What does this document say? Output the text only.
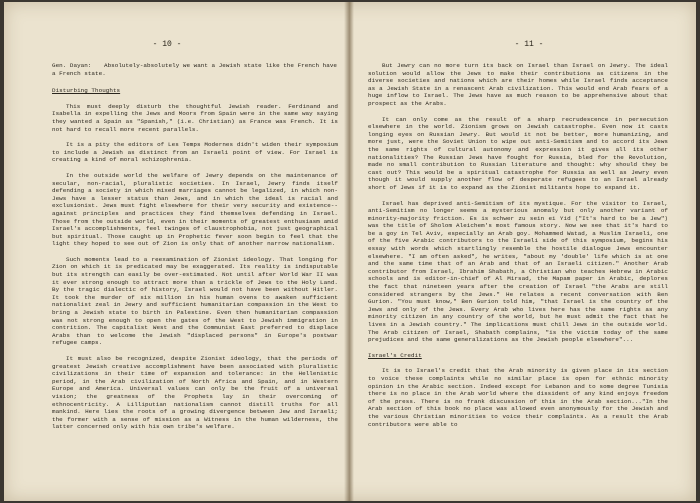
- 10 -

Gen. Dayan: Absolutely-absolutely we want a Jewish state like the French have a French state.

Disturbing Thoughts

This must deeply disturb the thoughtful Jewish reader. Ferdinand and Isabella in expelling the Jews and Moors from Spain were in the same way saying they wanted a Spain as "Spanish," (i.e. Christian) as France was French. It is not hard to recall more recent parallels.

It is a pity the editors of Les Temps Modernes didn't widen their symposium to include a Jewish as distinct from an Israeli point of view. For Israel is creating a kind of moral schizophrenia.

In the outside world the welfare of Jewry depends on the maintenance of secular, non-racial, pluralistic societies. In Israel, Jewry finds itself defending a society in which mixed marriages cannot be legalized, in which non-Jews have a lesser status than Jews, and in which the ideal is racial and exclusionist. Jews must fight elsewhere for their very security and existence-- against principles and practices they find themselves defending in Israel. Those from the outside world, even in their moments of greatest enthusiasm amid Israel's accomplishments, feel twinges of claustrophobia, not just geographical but spiritual. Those caught up in Prophetic fever soon begin to feel that the light they hoped to see out of Zion is only that of another narrow nationalism.

Such moments lead to a reexamination of Zionist ideology. That longing for Zion on which it is predicated may be exaggerated. Its reality is indisputable but its strength can easily be over-estimated. Not until after World War II was it ever strong enough to attract more than a trickle of Jews to the Holy Land. By the tragic dialectic of history, Israel would not have been without Hitler. It took the murder of six million in his human ovens to awaken sufficient nationalist zeal in Jewry and sufficient humanitarian compassion in the West to bring a Jewish state to birth in Palestine. Even then humanitarian compassion was not strong enough to open the gates of the West to Jewish immigration in contrition. The capitalist West and the Communist East preferred to displace Arabs than to welcome the Jewish "displaced persons" in Europe's postwar refugee camps.

It must also be recognized, despite Zionist ideology, that the periods of greatest Jewish creative accomplishment have been associated with pluralistic civilizations in their time of expansion and tolerance: in the Hellenistic period, in the Arab civilization of North Africa and Spain, and in Western Europe and America. Universal values can only be the fruit of a universal vision; the greatness of the Prophets lay in their overcoming of ethnocentricity. A Lilliputian nationalism cannot distill truths for all mankind. Here lies the roots of a growing divergence between Jew and Israeli; the former with a sense of mission as a Witness in the human wilderness, the latter concerned only with his own tribe's welfare.

- 11 -

But Jewry can no more turn its back on Israel than Israel on Jewry. The ideal solution would allow the Jews to make their contributions as citizens in the diverse societies and nations which are their homes while Israel finds acceptance as a Jewish State in a renascent Arab civilization. This would end Arab fears of a huge inflow to Israel. The Jews have as much reason to be apprehensive about that prospect as the Arabs.

It can only come as the result of a sharp recrudescence in persecution elsewhere in the world. Zionism grows on Jewish catastrophe. Even now it casts longing eyes on Russian Jewry. But would it not be better, more humanizing, and more just, were the Soviet Union to wipe out anti-Semitism and to accord its Jews the same rights of cultural autonomy and expression it gives all its other nationalities? The Russian Jews have fought for Russia, bled for the Revolution, made no small contribution to Russian literature and thought: why should they be cast out? This would be a spiritual catastrophe for Russia as well as Jewry even though it would supply another flow of desperate refugees to an Israel already short of Jews if it is to expand as the Zionist militants hope to expand it.

Israel has deprived anti-Semitism of its mystique. For the visitor to Israel, anti-Semitism no longer seems a mysterious anomaly but only another variant of minority-majority friction. Es is schwer zu sein ei Yid ("It's hard to be a Jew") was the title of Sholom Aleichem's most famous story. Now we see that it's hard to be a goy in Tel Aviv, especially an Arab goy. Mohammed Watad, a Muslim Israeli, one of the five Arabic contributors to the Israeli side of this symposium, begins his essay with words which startlingly resemble the hostile dialogue Jews encounter elsewhere. "I am often asked", he writes, "about my 'double' life which is at one and the same time that of an Arab and that of an Israeli citizen." Another Arab contributor from Israel, Ibrahim Shabath, a Christian who teaches Hebrew in Arabic schools and is editor-in-chief of Al Mirsad, the Mapam paper in Arabic, deplores the fact that nineteen years after the creation of Israel "the Arabs are still considered strangers by the Jews." He relates a recent conversation with Ben Gurion. "You must know," Ben Gurion told him, "that Israel is the country of the Jews and only of the Jews. Every Arab who lives here has the same rights as any minority citizen in any country of the world, but he must admit the fact that he lives in a Jewish country." The implications must chill Jews in the outside world. The Arab citizen of Israel, Shabath complains, "is the victim today of the same prejudices and the same generalizations as the Jewish people elsewhere"...

Israel's Credit

It is to Israel's credit that the Arab minority is given place in its section to voice these complaints while no similar place is open for ethnic minority opinion in the Arabic section. Indeed except for Lebanon and to some degree Tunisia there is no place in the Arab world where the dissident of any kind enjoys freedom of the press. There is no frank discussion of this in the Arab section..."In the Arab section of this book no place was allowed even anonymously for the Jewish and the various Christian minorities to voice their complaints. As a result the Arab contributors were able to
